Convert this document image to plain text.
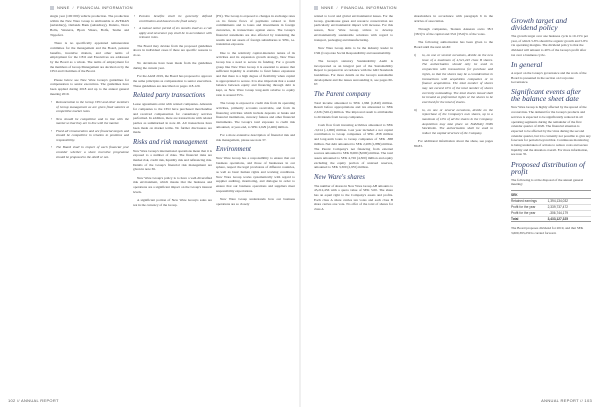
NNNE / FINANCIAL INFORMATION

single year (100 000) vehicle production. The production within the New Ware Group is attributable to AVERAN (subsidiary), Ostlands Bank (subsidiary), Daletto, Norra Bolla, Westerra, Bjorn Vikars, Bolfe, Tesma and Tippoferi.

There is no specifically appointed remuneration committee for the management and the Board, pension benefits, incentive matters, and other terms of employment for the CEO and Executives are addressed by the Board as a whole. The terms of employment for the members of Group Management are decided on by the CEO and Chairman of the Board.

Please below see New Ware Group's guidelines for compensation to senior executives. The guidelines have been applied during 2018 and up to the annual general meeting 2019.

• Remuneration to the Group CEO and other members of Group management as are given fixed salaries at competitive market rates.
• New should be competitive and in line with the market so that they are in line with the market.
• Fixed all remuneration and are financial targets and should be competitive in relation to positions and responsibility.
• The Board shall in respect of each financial year consider whether a share incentive programme should be proposed to the AGM or not.
• Pension benefits shall be generally defined contribution and based on the fixed salary.
• A mutual notice period of six months shall as a rule apply and severance pay shall be in accordance with relevant rules.

The Board may deviate from the proposed guidelines above in individual cases if there are specific reasons to do so.

No deviations have been made from the guidelines during the current year.

For the AGM 2019, the Board has proposed to approve the same principles as compensation to senior executives. These guidelines are described on pages 118-120.

Related party transactions

Lease agreements exist with related companies. Amounts for companies to the CEO have purchased merchandise and received compensation for consultancy services performed. In addition, there are transactions with related parties as summarised in note 40. All transactions have been made on market terms. No further disclosures are made.

Risks and risk management

New Ware Group's international operations mean that it is exposed to a number of risks. The financial risks are market risk, credit risk, liquidity risk and refinancing risk. Details of the Group's financial risk management are given in note 36.

New Ware Group's policy is to have a well-diversified risk environment, which means that the business and operations are a significant impact on the Group's interest levels.

A significant portion of New Ware Group's sales are not in the currency of the Group.

(FX). The Group is exposed to changes in exchange rates on its future flows of payments related to firm commitments and to loans and investments in foreign currencies, in transactions against euros. The Group's financial statements are also affected by translating the results and net assets of foreign subsidiaries to SEK, i.e. translation exposure.

Due to the relatively capital-intensive nature of its activities and its expansion growth strategy, New Ware Group has a need to secure its funding. For a growth group like New Ware Group it is essential to ensure that sufficient liquidity is available to fund future expansion and that there is a high degree of flexibility when capital is appropriated to secure. It is also important that a sound balance between equity and financing through debt is kept, as New Ware Group long-term relative to equity ratio is around 35%.

The Group is exposed to credit risk from its operating activities, primarily accounts receivable, and from its financing activities which include deposits at banks and financial institutions, currency futures and other financial instruments. The Group's total exposure to credit risk amounted, at year-end, to SEK 2,629 (2,466) million.

For a more extensive description of financial risk and risk management, please see note 37.

Environment

New Ware Group has a responsibility to ensure that our business operations, and those of businesses in our sphere, respect the legal provisions of different countries, as well as basic human rights and working conditions. New Ware Group works systematically with regard to supplier auditing, monitoring, and dialogue in order to ensure that our business operations and suppliers meet responsibility expectations.

New Ware Group understands how our business operations are so closely

102 // ANNUAL REPORT
NNNE / FINANCIAL INFORMATION

related to local and global environmental issues. For the Group, greenhouse gases and resource conservation are particularly environmental impact will increase. For this reason, New Ware Group strives to develop environmentally sustainable solutions with regard to transport, packaging and manufacturing.

New Ware Group aims to be the industry leader in CSR (Corporate Social Responsibility and sustainability.

The Group's statutory Sustainability Audit is incorporated as an integral part of the Sustainability Report is prepared in accordance with the GRI Standards Guidelines. For more details on the Group's sustainable development and the issues surrounding it, see pages 60-67.

The Parent company

Total income amounted to SEK 1,966 (1,840) million. Result before appropriations and tax amounted to SEK 2,326 (526.2) million. The improved result is attributable to dividends from Group companies.

Cash flow from investing activities amounted to SEK -3,014 (-1,900) million. Last year included a net capital contribution to Group companies of SEK -838 million and long-term loans to Group companies of SEK -868 million. Net debt amounted to SEK 2,208 (1,889) million. The Parent Company's net financing from external sources amounted to SEK 8,000 (8,000) million. The total assets amounted to SEK 4,726 (4,300) million and equity excluding the equity portion of untaxed reserves, amounted to SEK 3,300 (2,955) million.

New Ware's shares

The number of shares in New Ware Group AB amounts to 45,212,456 with a quota value of SEK 5.00. The share has an equal right to the Company's assets and profits. Each class A share carries ten votes and each class B share carries one vote. No offer of the total of shares for class A

shareholders in accordance with paragraph 6 in the articles of association.

Through companies, Tsonten Anneren owns 38.3 (38.5)% of the capital and 35.6 (35.6)% of the votes.

The following authorisation has been given to the Board until the next AGM:

i) to, on one or several occasions, decide on the new issue of a maximum of 4,521,245 class B shares. The authorisation should only be used in conjunction with transactions for purchase and rights, so that the shares may be a consideration in transactions with acquisition companies or to finance acquisitions. The total number of shares may not exceed 10% of the total number of shares currently outstanding. The total shares issued shall be treated as preferential rights or the shares to be exercised for the total of shares.
ii) to, on one or several occasions, decide on the repurchase of the Company's own shares, up to a maximum of 10% of all the shares in the Company. Acquisition may take place on NASDAQ OMX Stockholm. The authorisation shall be used to reduce the capital structure of the Company.

For additional information about the share, see pages 80-83.

Growth target and dividend policy

The growth target over one business cycle is 10-15% per year, of which 5-8% should be organic growth and 5-8% via operating margins. The dividend policy is that the dividend will amount to 40% of the Group's profit after tax over a business cycle.

In general

A report on the Group's governance and the work of the Board is presented in the section on Corporate Governance.

Significant events after the balance sheet date

New Ware Group is highly affected by the spread of the coronavirus. The demand for the Group's products and services is expected to be significantly reduced in all operating segments during the remainder of the first calendar quarter of 2020. The financial situation is expected to be affected by the virus during the second calendar quarter, but it is currently not possible to give any forecasts for periods beyond that. Continuous monitoring is being undertaken of actions to reduce costs and secure liquidity and the situation overall. For more information, see note 35.

Proposed distribution of profit

The following is at the disposal of the annual general meeting:

SEK
Retained earnings	1,394,134,032
Profit for the year	2,339,737,472
Profit for the year	-306,744,179
Total	3,433,127,325

The Board proposes dividend for 2019, and that SEK 3,600,393,259 is carried forward.

ANNUAL REPORT // 103
